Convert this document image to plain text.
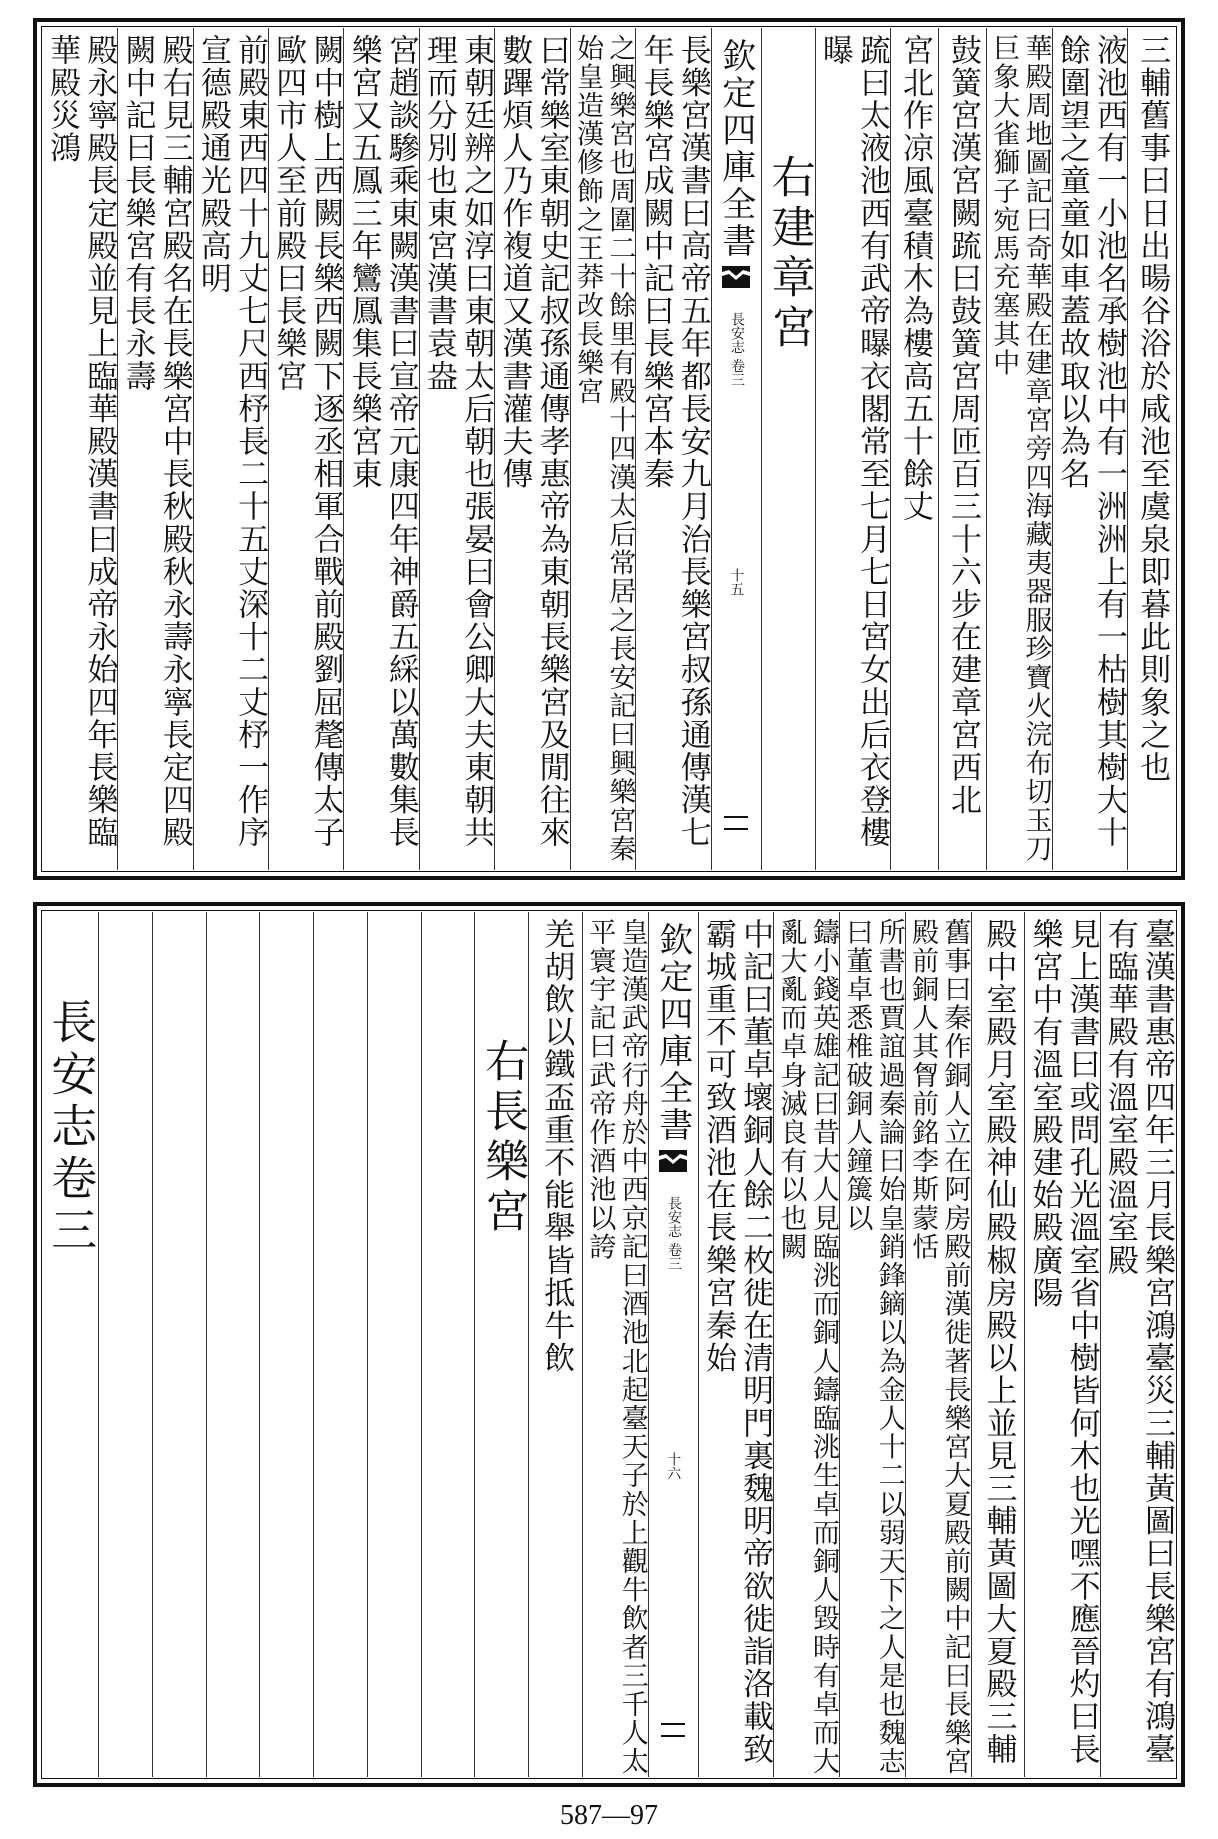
三輔舊事曰日出暘谷浴於咸池至虞泉即暮此則象之也
液池西有一小池名承樹池中有一洲洲上有一枯樹其樹大十餘圍望之童童如車蓋故取以為名
華殿周地圖記曰奇華殿在建章宮旁四海藏夷器服珍寶火浣布切玉刀巨象大雀獅子宛馬充塞其中
鼓簧宮漢宮闕䟽曰鼓簧宮周匝百三十六步在建章宮西北
宮北作凉風臺積木為樓高五十餘丈
䟽曰太液池西有武帝曝衣閣常至七月七日宮女出后衣登樓曝
右建章宮
欽定四庫全書
長安志 卷三
十五
長樂宮漢書曰高帝五年都長安九月治長樂宮叔孫通傳漢七年長樂宮成闕中記曰長樂宮本秦
之興樂宮也周圍二十餘里有殿十四漢太后常居之長安記曰興樂宮秦始皇造漢修飾之王莽改長樂宮
曰常樂室東朝史記叔孫通傳孝惠帝為東朝長樂宮及閒往來數蹕煩人乃作複道又漢書灌夫傳
東朝廷辨之如淳曰東朝太后朝也張晏曰會公卿大夫東朝共理而分別也東宮漢書袁盎
宮趙談驂乘東闕漢書曰宣帝元康四年神爵五綵以萬數集長樂宮又五鳳三年鸞鳳集長樂宮東
闕中樹上西闕長樂西闕下逐丞相軍合戰前殿劉屈氂傳太子歐四市人至前殿曰長樂宮
前殿東西四十九丈七尺西杼長二十五丈深十二丈杼一作序宣德殿通光殿高明
殿右見三輔宮殿名在長樂宮中長秋殿秋永壽永寧長定四殿闕中記曰長樂宮有長永壽
殿永寧殿長定殿並見上臨華殿漢書曰成帝永始四年長樂臨華殿災鴻
臺漢書惠帝四年三月長樂宮鴻臺災三輔黃圖曰長樂宮有鴻臺有臨華殿有溫室殿溫室殿
見上漢書曰或問孔光溫室省中樹皆何木也光嘿不應晉灼曰長樂宮中有溫室殿建始殿廣陽
殿中室殿月室殿神仙殿椒房殿以上並見三輔黃圖大夏殿三輔
舊事曰秦作銅人立在阿房殿前漢徙著長樂宮大夏殿前闕中記曰長樂宮殿前銅人其胷前銘李斯蒙恬
所書也賈誼過秦論曰始皇銷鋒鏑以為金人十二以弱天下之人是也魏志曰董卓悉椎破銅人鐘簴以
鑄小錢英雄記曰昔大人見臨洮而銅人鑄臨洮生卓而銅人毀時有卓而大亂大亂而卓身滅良有以也闕
中記曰董卓壞銅人餘二枚徙在清明門裏魏明帝欲徙詣洛載致霸城重不可致酒池在長樂宮秦始
欽定四庫全書
長安志 卷三
十六
皇造漢武帝行舟於中西京記曰酒池北起臺天子於上觀牛飲者三千人太平寰宇記曰武帝作酒池以誇
羌胡飲以鐵盃重不能舉皆抵牛飲
右長樂宮
長安志卷三
587—97
